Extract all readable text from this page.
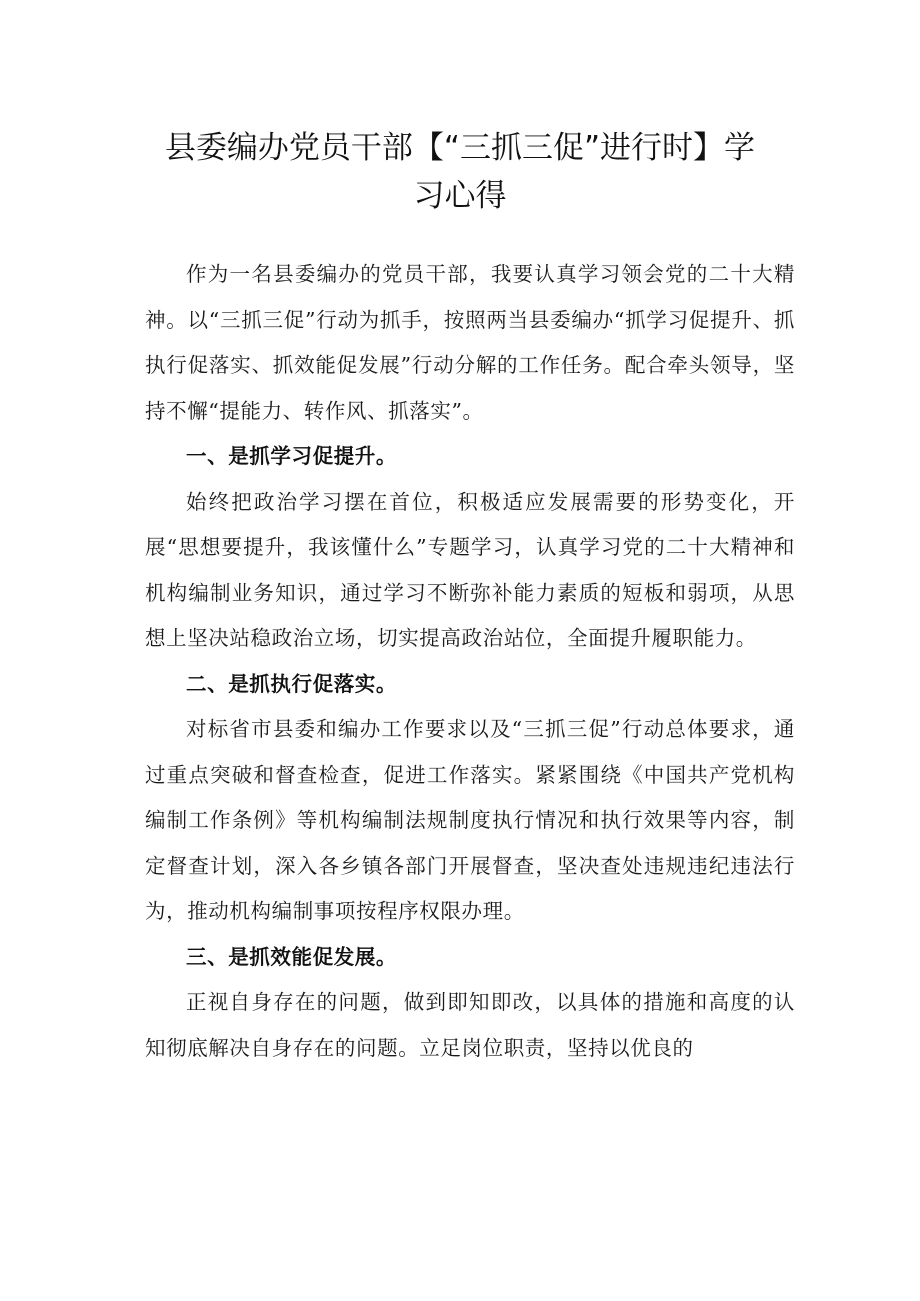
县委编办党员干部【“三抓三促”进行时】学
习心得

作为一名县委编办的党员干部，我要认真学习领会党的二十大精神。以“三抓三促”行动为抓手，按照两当县委编办“抓学习促提升、抓执行促落实、抓效能促发展”行动分解的工作任务。配合牵头领导，坚持不懈“提能力、转作风、抓落实”。

一、是抓学习促提升。

始终把政治学习摆在首位，积极适应发展需要的形势变化，开展“思想要提升，我该懂什么”专题学习，认真学习党的二十大精神和机构编制业务知识，通过学习不断弥补能力素质的短板和弱项，从思想上坚决站稳政治立场，切实提高政治站位，全面提升履职能力。

二、是抓执行促落实。

对标省市县委和编办工作要求以及“三抓三促”行动总体要求，通过重点突破和督查检查，促进工作落实。紧紧围绕《中国共产党机构编制工作条例》等机构编制法规制度执行情况和执行效果等内容，制定督查计划，深入各乡镇各部门开展督查，坚决查处违规违纪违法行为，推动机构编制事项按程序权限办理。

三、是抓效能促发展。

正视自身存在的问题，做到即知即改，以具体的措施和高度的认知彻底解决自身存在的问题。立足岗位职责，坚持以优良的
